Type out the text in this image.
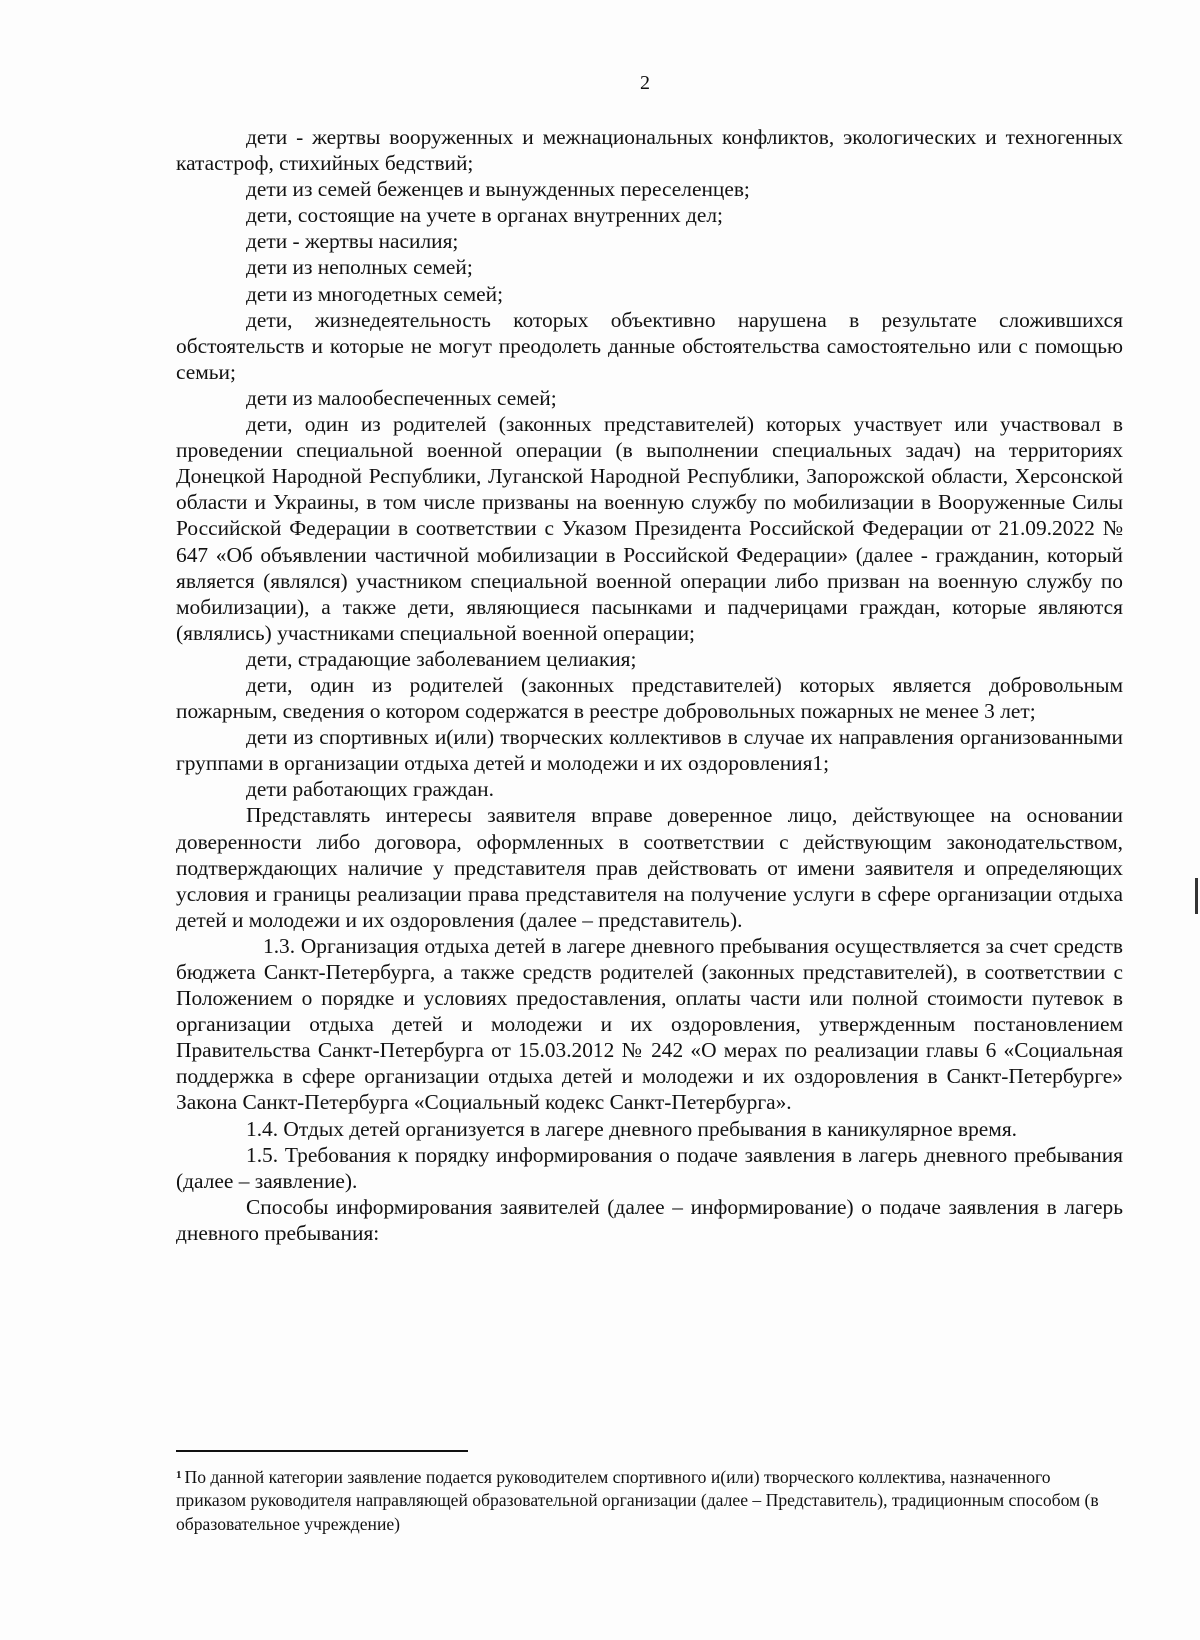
2

дети - жертвы вооруженных и межнациональных конфликтов, экологических и техногенных катастроф, стихийных бедствий;

дети из семей беженцев и вынужденных переселенцев;

дети, состоящие на учете в органах внутренних дел;

дети - жертвы насилия;

дети из неполных семей;

дети из многодетных семей;

дети, жизнедеятельность которых объективно нарушена в результате сложившихся обстоятельств и которые не могут преодолеть данные обстоятельства самостоятельно или с помощью семьи;

дети из малообеспеченных семей;

дети, один из родителей (законных представителей) которых участвует или участвовал в проведении специальной военной операции (в выполнении специальных задач) на территориях Донецкой Народной Республики, Луганской Народной Республики, Запорожской области, Херсонской области и Украины, в том числе призваны на военную службу по мобилизации в Вооруженные Силы Российской Федерации в соответствии с Указом Президента Российской Федерации от 21.09.2022 № 647 «Об объявлении частичной мобилизации в Российской Федерации» (далее - гражданин, который является (являлся) участником специальной военной операции либо призван на военную службу по мобилизации), а также дети, являющиеся пасынками и падчерицами граждан, которые являются (являлись) участниками специальной военной операции;

дети, страдающие заболеванием целиакия;

дети, один из родителей (законных представителей) которых является добровольным пожарным, сведения о котором содержатся в реестре добровольных пожарных не менее 3 лет;

дети из спортивных и(или) творческих коллективов в случае их направления организованными группами в организации отдыха детей и молодежи и их оздоровления1;

дети работающих граждан.

Представлять интересы заявителя вправе доверенное лицо, действующее на основании доверенности либо договора, оформленных в соответствии с действующим законодательством, подтверждающих наличие у представителя прав действовать от имени заявителя и определяющих условия и границы реализации права представителя на получение услуги в сфере организации отдыха детей и молодежи и их оздоровления (далее – представитель).

1.3. Организация отдыха детей в лагере дневного пребывания осуществляется за счет средств бюджета Санкт-Петербурга, а также средств родителей (законных представителей), в соответствии с Положением о порядке и условиях предоставления, оплаты части или полной стоимости путевок в организации отдыха детей и молодежи и их оздоровления, утвержденным постановлением Правительства Санкт-Петербурга от 15.03.2012 № 242 «О мерах по реализации главы 6 «Социальная поддержка в сфере организации отдыха детей и молодежи и их оздоровления в Санкт-Петербурге» Закона Санкт-Петербурга «Социальный кодекс Санкт-Петербурга».

1.4. Отдых детей организуется в лагере дневного пребывания в каникулярное время.

1.5. Требования к порядку информирования о подаче заявления в лагерь дневного пребывания (далее – заявление).

Способы информирования заявителей (далее – информирование) о подаче заявления в лагерь дневного пребывания:

$^1$ По данной категории заявление подается руководителем спортивного и(или) творческого коллектива, назначенного приказом руководителя направляющей образовательной организации (далее – Представитель), традиционным способом (в образовательное учреждение)
